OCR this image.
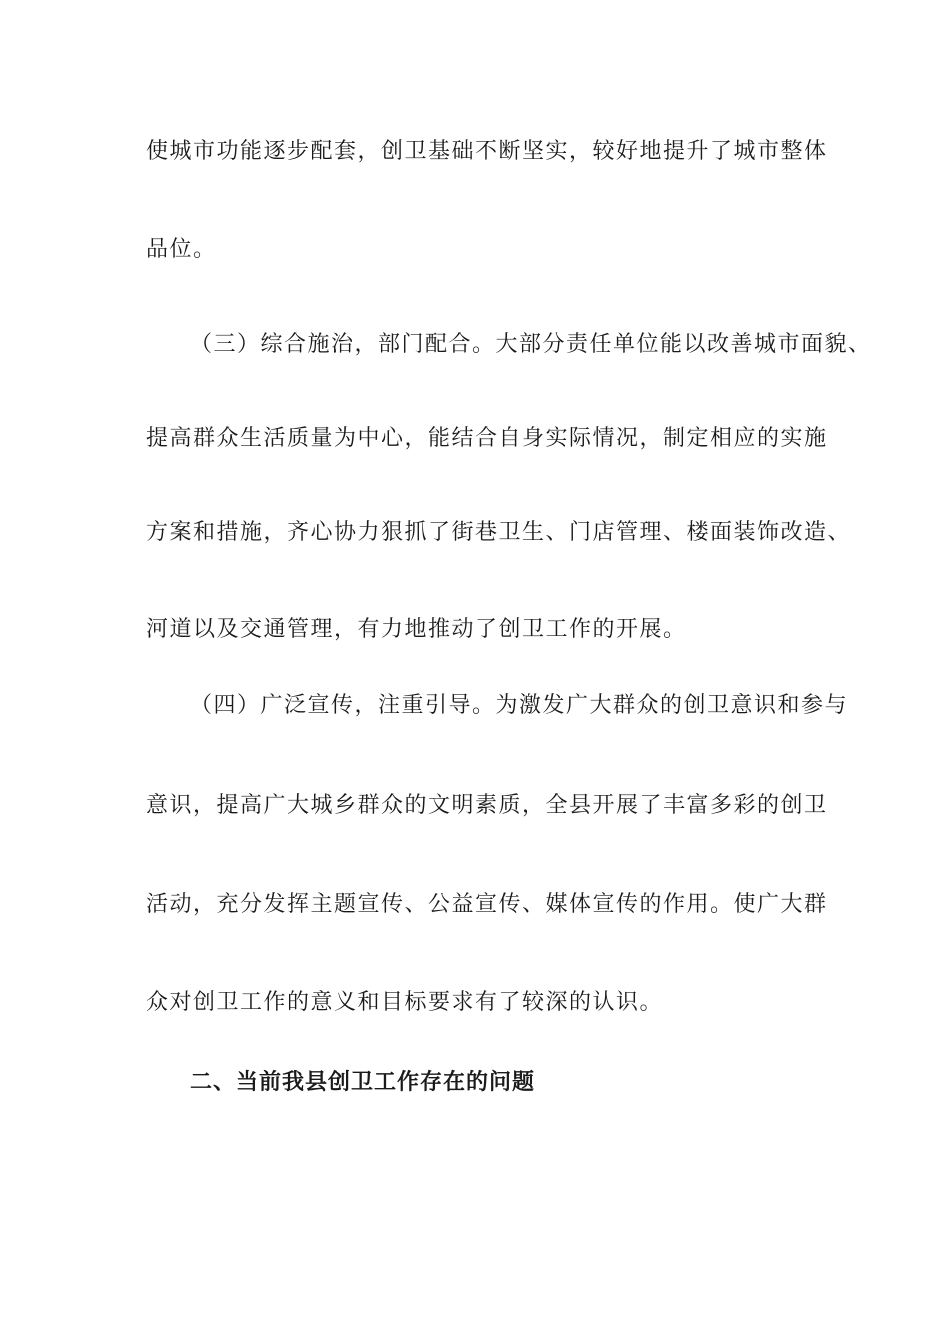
使城市功能逐步配套，创卫基础不断坚实，较好地提升了城市整体
品位。
（三）综合施治，部门配合。大部分责任单位能以改善城市面貌、
提高群众生活质量为中心，能结合自身实际情况，制定相应的实施
方案和措施，齐心协力狠抓了街巷卫生、门店管理、楼面装饰改造、
河道以及交通管理，有力地推动了创卫工作的开展。
（四）广泛宣传，注重引导。为激发广大群众的创卫意识和参与
意识，提高广大城乡群众的文明素质，全县开展了丰富多彩的创卫
活动，充分发挥主题宣传、公益宣传、媒体宣传的作用。使广大群
众对创卫工作的意义和目标要求有了较深的认识。
二、当前我县创卫工作存在的问题
